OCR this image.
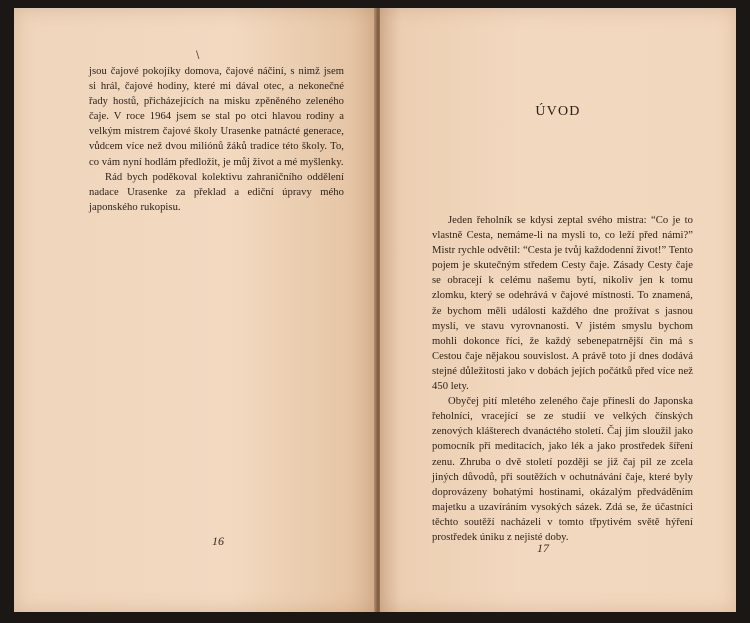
\

jsou čajové pokojíky domova, čajové náčiní, s nimž jsem si hrál, čajové hodiny, které mi dával otec, a nekonečné řady hostů, přicházejících na misku zpěněného zeleného čaje. V roce 1964 jsem se stal po otci hlavou rodiny a velkým mistrem čajové školy Urasenke patnácté generace, vůdcem více než dvou miliónů žáků tradice této školy. To, co vám nyní hodlám předložit, je můj život a mé myšlenky.

Rád bych poděkoval kolektivu zahraničního oddělení nadace Urasenke za překlad a ediční úpravy mého japonského rukopisu.

16
ÚVOD

Jeden řeholník se kdysi zeptal svého mistra: “Co je to vlastně Cesta, nemáme-li na mysli to, co leží před námi?” Mistr rychle odvětil: “Cesta je tvůj každodenní život!” Tento pojem je skutečným středem Cesty čaje. Zásady Cesty čaje se obracejí k celému našemu bytí, nikoliv jen k tomu zlomku, který se odehrává v čajové místnosti. To znamená, že bychom měli události každého dne prožívat s jasnou myslí, ve stavu vyrovnanosti. V jistém smyslu bychom mohli dokonce říci, že každý sebenepatrnější čin má s Cestou čaje nějakou souvislost. A právě toto jí dnes dodává stejné důležitosti jako v dobách jejích počátků před více než 450 lety.

Obyčej pití mletého zeleného čaje přinesli do Japonska řeholníci, vracející se ze studií ve velkých čínských zenových klášterech dvanáctého století. Čaj jim sloužil jako pomocník při meditacích, jako lék a jako prostředek šíření zenu. Zhruba o dvě století později se již čaj pil ze zcela jiných důvodů, při soutěžích v ochutnávání čaje, které byly doprovázeny bohatými hostinami, okázalým předváděním majetku a uzavíráním vysokých sázek. Zdá se, že účastníci těchto soutěží nacházeli v tomto třpytivém světě hýření prostředek úniku z nejisté doby.

17
